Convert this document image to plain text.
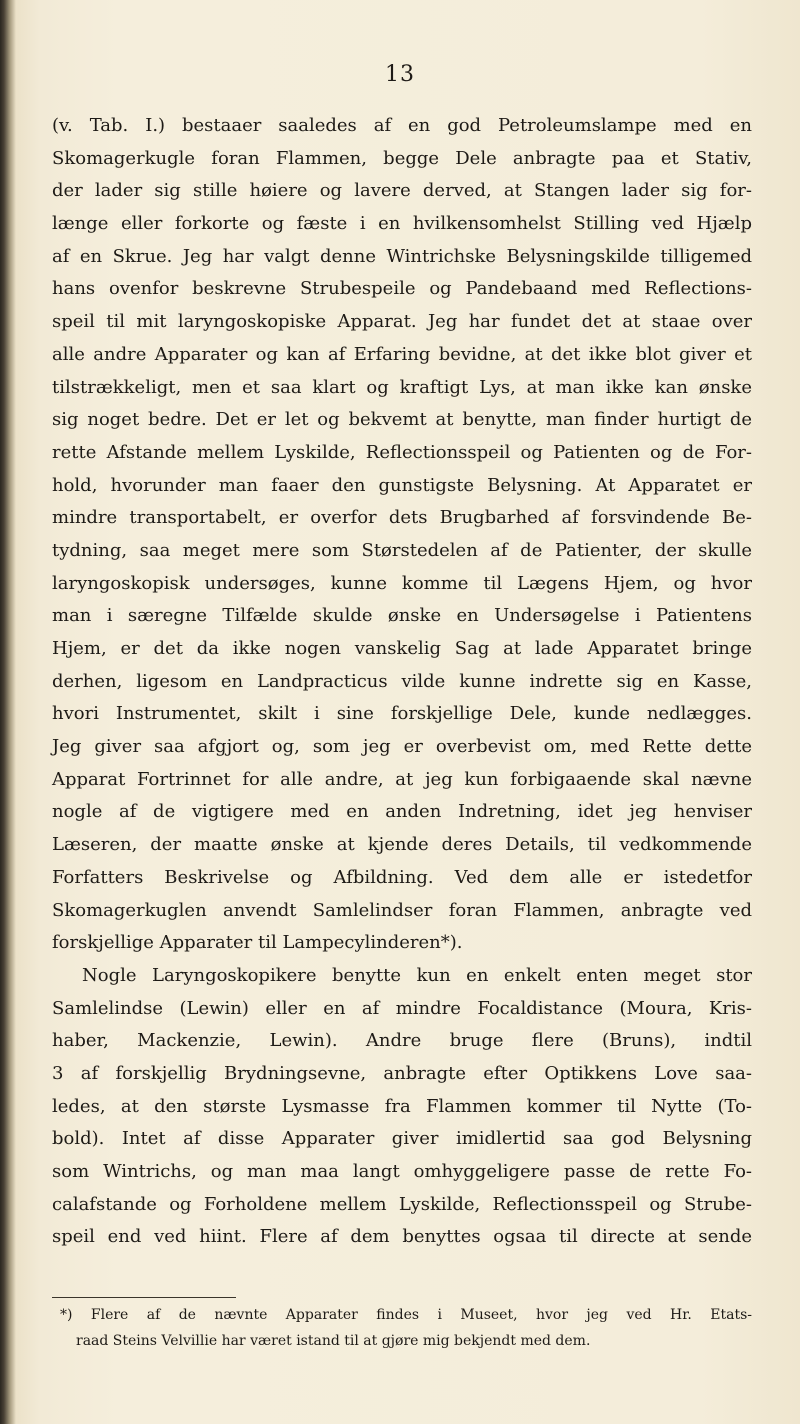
13
(v. Tab. I.) bestaaer saaledes af en god Petroleumslampe med en
Skomagerkugle foran Flammen, begge Dele anbragte paa et Stativ,
der lader sig stille høiere og lavere derved, at Stangen lader sig for-
længe eller forkorte og fæste i en hvilkensomhelst Stilling ved Hjælp
af en Skrue. Jeg har valgt denne Wintrichske Belysningskilde tilligemed
hans ovenfor beskrevne Strubespeile og Pandebaand med Reflections-
speil til mit laryngoskopiske Apparat. Jeg har fundet det at staae over
alle andre Apparater og kan af Erfaring bevidne, at det ikke blot giver et
tilstrækkeligt, men et saa klart og kraftigt Lys, at man ikke kan ønske
sig noget bedre. Det er let og bekvemt at benytte, man finder hurtigt de
rette Afstande mellem Lyskilde, Reflectionsspeil og Patienten og de For-
hold, hvorunder man faaer den gunstigste Belysning. At Apparatet er
mindre transportabelt, er overfor dets Brugbarhed af forsvindende Be-
tydning, saa meget mere som Størstedelen af de Patienter, der skulle
laryngoskopisk undersøges, kunne komme til Lægens Hjem, og hvor
man i særegne Tilfælde skulde ønske en Undersøgelse i Patientens
Hjem, er det da ikke nogen vanskelig Sag at lade Apparatet bringe
derhen, ligesom en Landpracticus vilde kunne indrette sig en Kasse,
hvori Instrumentet, skilt i sine forskjellige Dele, kunde nedlægges.
Jeg giver saa afgjort og, som jeg er overbevist om, med Rette dette
Apparat Fortrinnet for alle andre, at jeg kun forbigaaende skal nævne
nogle af de vigtigere med en anden Indretning, idet jeg henviser
Læseren, der maatte ønske at kjende deres Details, til vedkommende
Forfatters Beskrivelse og Afbildning. Ved dem alle er istedetfor
Skomagerkuglen anvendt Samlelindser foran Flammen, anbragte ved
forskjellige Apparater til Lampecylinderen*).
Nogle Laryngoskopikere benytte kun en enkelt enten meget stor
Samlelindse (Lewin) eller en af mindre Focaldistance (Moura, Kris-
haber, Mackenzie, Lewin). Andre bruge flere (Bruns), indtil
3 af forskjellig Brydningsevne, anbragte efter Optikkens Love saa-
ledes, at den største Lysmasse fra Flammen kommer til Nytte (To-
bold). Intet af disse Apparater giver imidlertid saa god Belysning
som Wintrichs, og man maa langt omhyggeligere passe de rette Fo-
calafstande og Forholdene mellem Lyskilde, Reflectionsspeil og Strube-
speil end ved hiint. Flere af dem benyttes ogsaa til directe at sende
*) Flere af de nævnte Apparater findes i Museet, hvor jeg ved Hr. Etats-
raad Steins Velvillie har været istand til at gjøre mig bekjendt med dem.
